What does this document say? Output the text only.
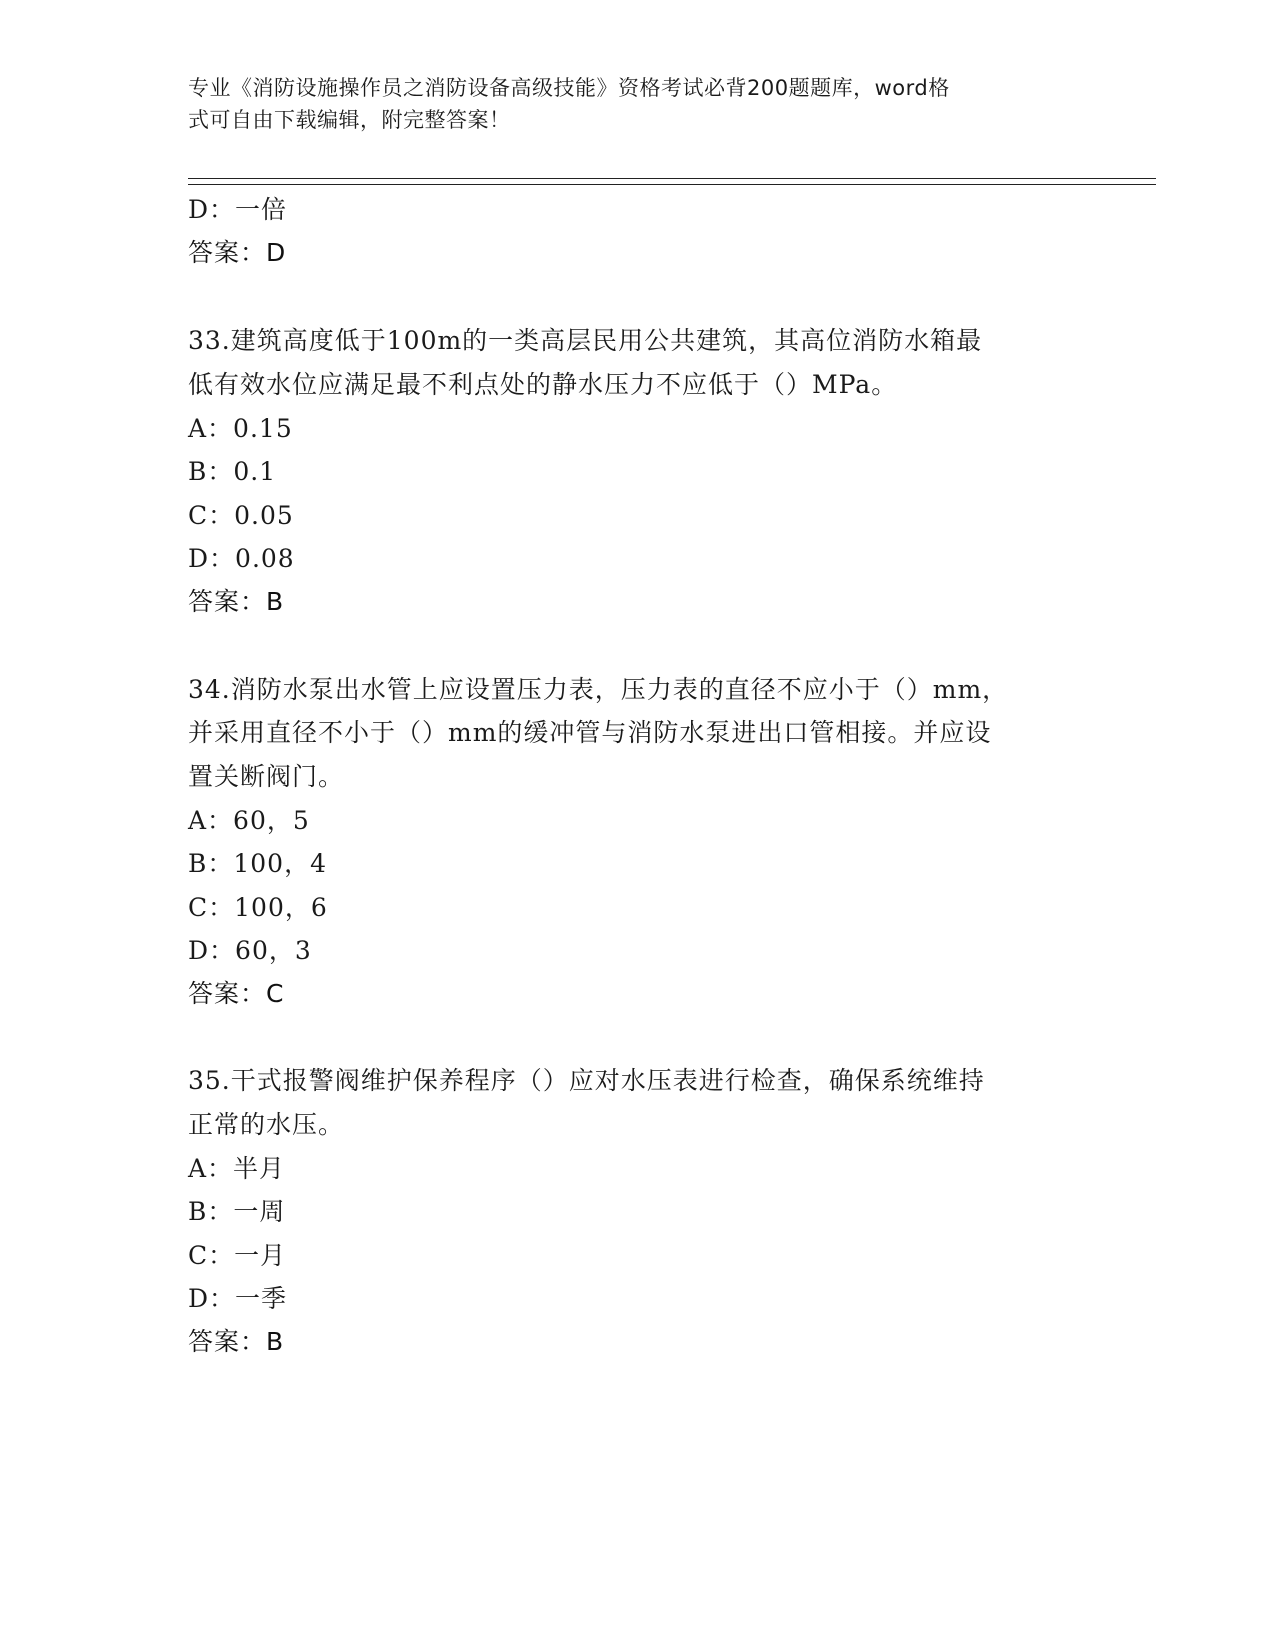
专业《消防设施操作员之消防设备高级技能》资格考试必背200题题库，word格
式可自由下载编辑，附完整答案！
D：一倍
答案：D
33.建筑高度低于100m的一类高层民用公共建筑，其高位消防水箱最
低有效水位应满足最不利点处的静水压力不应低于（）MPa。
A：0.15
B：0.1
C：0.05
D：0.08
答案：B
34.消防水泵出水管上应设置压力表，压力表的直径不应小于（）mm，
并采用直径不小于（）mm的缓冲管与消防水泵进出口管相接。并应设
置关断阀门。
A：60，5
B：100，4
C：100，6
D：60，3
答案：C
35.干式报警阀维护保养程序（）应对水压表进行检查，确保系统维持
正常的水压。
A：半月
B：一周
C：一月
D：一季
答案：B
